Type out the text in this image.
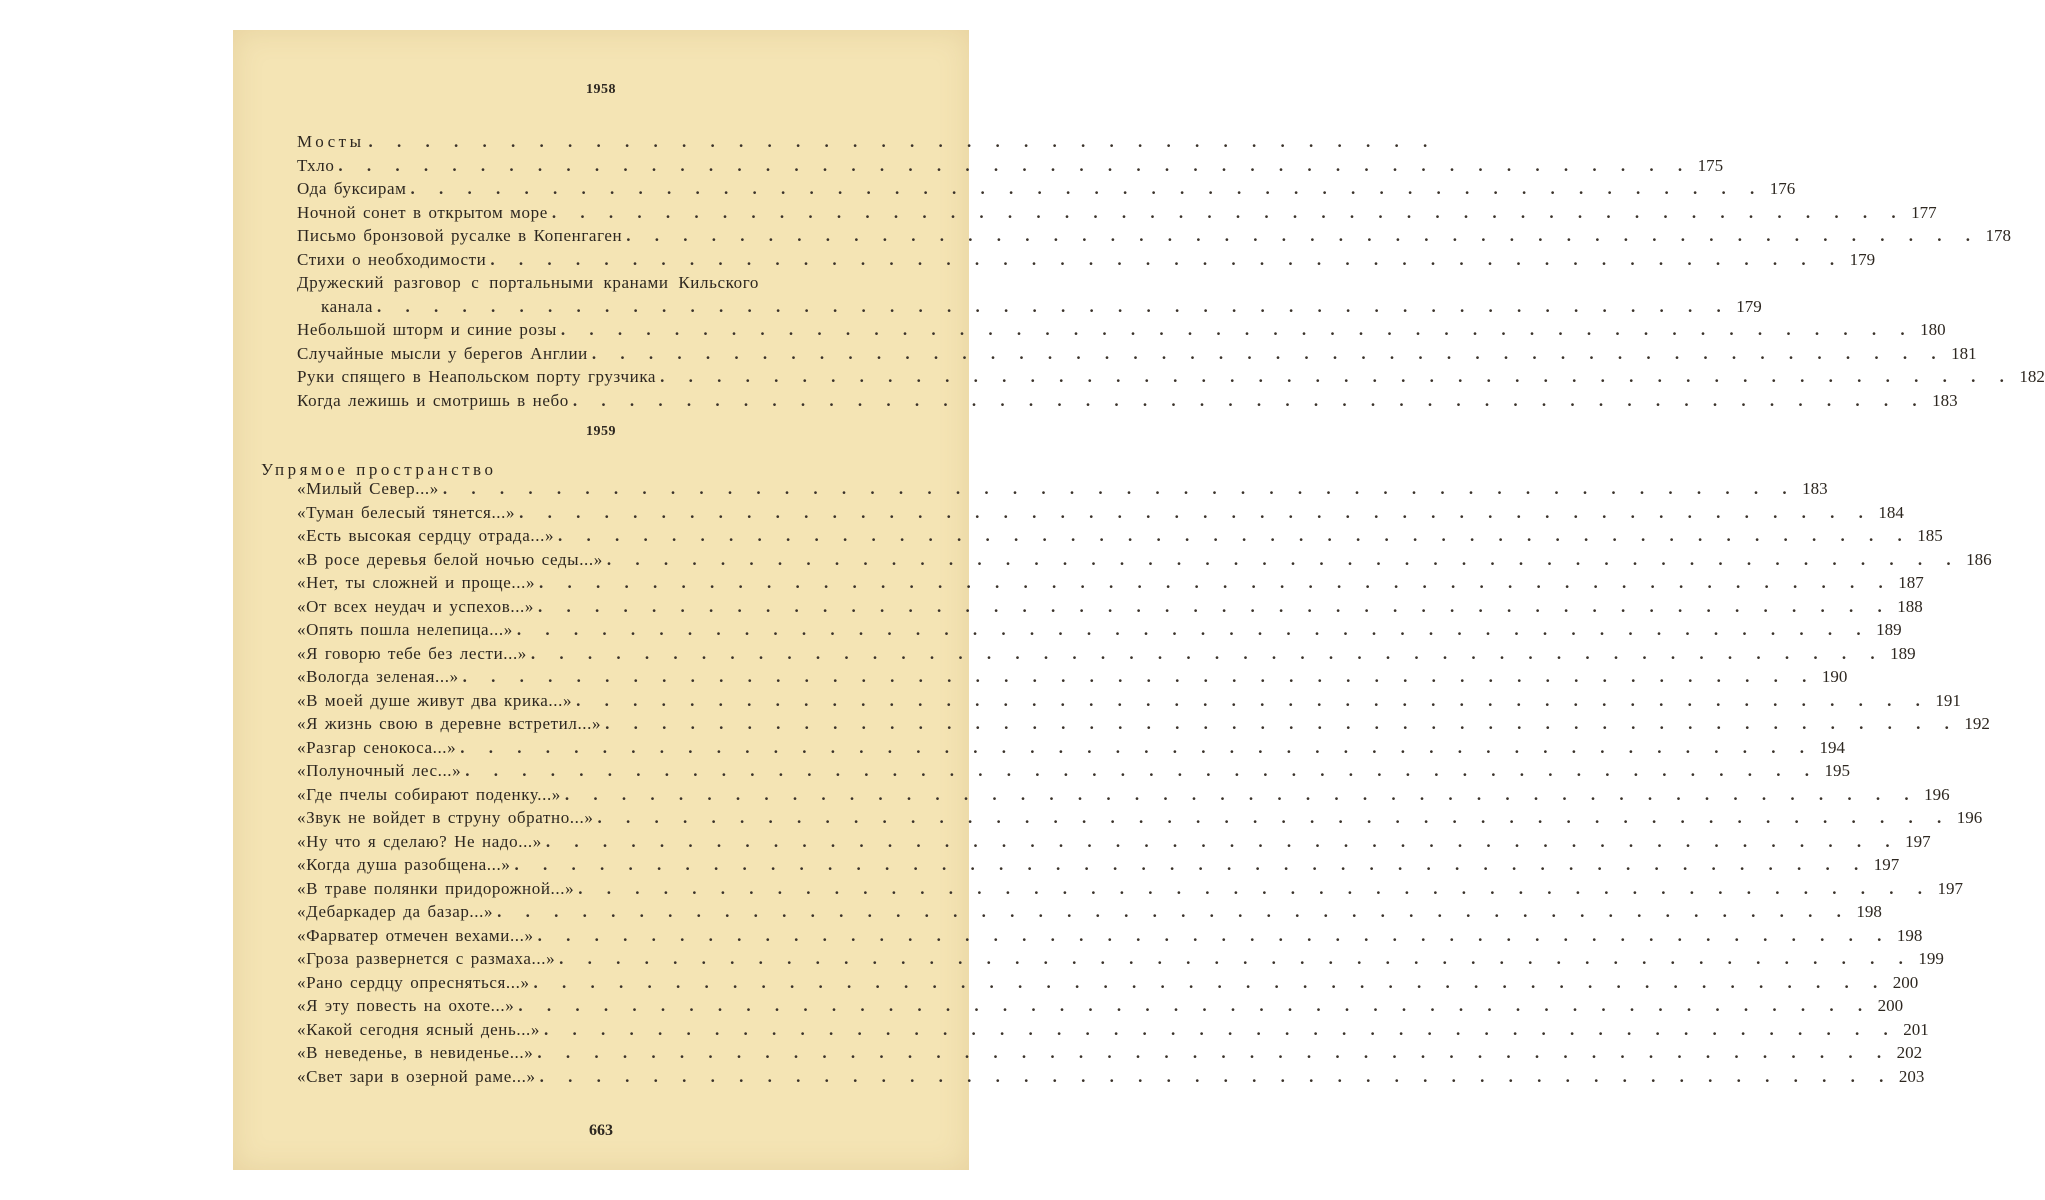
1958
Мосты . . . . . . . . . . . . . . . . . . . . . . . . . . . . . . . . . . . . . .
Тхло . . . . . . . . . . . . . . . . . . . . . . . . . . . . . . . . . . . . . . . . . . . . . . . . 175
Ода буксирам . . . . . . . . . . . . . . . . . . . . . . . . . . . . . . . . . . . . . . . . . . . . . . . . 176
Ночной сонет в открытом море . . . . . . . . . . . . . . . . . . . . . . . . . . . . . . . . . . . . . . . . . . . . . . . . 177
Письмо бронзовой русалке в Копенгаген . . . . . . . . . . . . . . . . . . . . . . . . . . . . . . . . . . . . . . . . . . . . . . . . 178
Стихи о необходимости . . . . . . . . . . . . . . . . . . . . . . . . . . . . . . . . . . . . . . . . . . . . . . . . 179
Дружеский разговор с портальными кранами Кильского
канала . . . . . . . . . . . . . . . . . . . . . . . . . . . . . . . . . . . . . . . . . . . . . . . . 179
Небольшой шторм и синие розы . . . . . . . . . . . . . . . . . . . . . . . . . . . . . . . . . . . . . . . . . . . . . . . . 180
Случайные мысли у берегов Англии . . . . . . . . . . . . . . . . . . . . . . . . . . . . . . . . . . . . . . . . . . . . . . . . 181
Руки спящего в Неапольском порту грузчика . . . . . . . . . . . . . . . . . . . . . . . . . . . . . . . . . . . . . . . . . . . . . . . . 182
Когда лежишь и смотришь в небо . . . . . . . . . . . . . . . . . . . . . . . . . . . . . . . . . . . . . . . . . . . . . . . . 183
1959
Упрямое пространство
«Милый Север...» . . . . . . . . . . . . . . . . . . . . . . . . . . . . . . . . . . . . . . . . . . . . . . . . 183
«Туман белесый тянется...» . . . . . . . . . . . . . . . . . . . . . . . . . . . . . . . . . . . . . . . . . . . . . . . . 184
«Есть высокая сердцу отрада...» . . . . . . . . . . . . . . . . . . . . . . . . . . . . . . . . . . . . . . . . . . . . . . . . 185
«В росе деревья белой ночью седы...» . . . . . . . . . . . . . . . . . . . . . . . . . . . . . . . . . . . . . . . . . . . . . . . . 186
«Нет, ты сложней и проще...» . . . . . . . . . . . . . . . . . . . . . . . . . . . . . . . . . . . . . . . . . . . . . . . . 187
«От всех неудач и успехов...» . . . . . . . . . . . . . . . . . . . . . . . . . . . . . . . . . . . . . . . . . . . . . . . . 188
«Опять пошла нелепица...» . . . . . . . . . . . . . . . . . . . . . . . . . . . . . . . . . . . . . . . . . . . . . . . . 189
«Я говорю тебе без лести...» . . . . . . . . . . . . . . . . . . . . . . . . . . . . . . . . . . . . . . . . . . . . . . . . 189
«Вологда зеленая...» . . . . . . . . . . . . . . . . . . . . . . . . . . . . . . . . . . . . . . . . . . . . . . . . 190
«В моей душе живут два крика...» . . . . . . . . . . . . . . . . . . . . . . . . . . . . . . . . . . . . . . . . . . . . . . . . 191
«Я жизнь свою в деревне встретил...» . . . . . . . . . . . . . . . . . . . . . . . . . . . . . . . . . . . . . . . . . . . . . . . . 192
«Разгар сенокоса...» . . . . . . . . . . . . . . . . . . . . . . . . . . . . . . . . . . . . . . . . . . . . . . . . 194
«Полуночный лес...» . . . . . . . . . . . . . . . . . . . . . . . . . . . . . . . . . . . . . . . . . . . . . . . . 195
«Где пчелы собирают поденку...» . . . . . . . . . . . . . . . . . . . . . . . . . . . . . . . . . . . . . . . . . . . . . . . . 196
«Звук не войдет в струну обратно...» . . . . . . . . . . . . . . . . . . . . . . . . . . . . . . . . . . . . . . . . . . . . . . . . 196
«Ну что я сделаю? Не надо...» . . . . . . . . . . . . . . . . . . . . . . . . . . . . . . . . . . . . . . . . . . . . . . . . 197
«Когда душа разобщена...» . . . . . . . . . . . . . . . . . . . . . . . . . . . . . . . . . . . . . . . . . . . . . . . . 197
«В траве полянки придорожной...» . . . . . . . . . . . . . . . . . . . . . . . . . . . . . . . . . . . . . . . . . . . . . . . . 197
«Дебаркадер да базар...» . . . . . . . . . . . . . . . . . . . . . . . . . . . . . . . . . . . . . . . . . . . . . . . . 198
«Фарватер отмечен вехами...» . . . . . . . . . . . . . . . . . . . . . . . . . . . . . . . . . . . . . . . . . . . . . . . . 198
«Гроза развернется с размаха...» . . . . . . . . . . . . . . . . . . . . . . . . . . . . . . . . . . . . . . . . . . . . . . . . 199
«Рано сердцу опресняться...» . . . . . . . . . . . . . . . . . . . . . . . . . . . . . . . . . . . . . . . . . . . . . . . . 200
«Я эту повесть на охоте...» . . . . . . . . . . . . . . . . . . . . . . . . . . . . . . . . . . . . . . . . . . . . . . . . 200
«Какой сегодня ясный день...» . . . . . . . . . . . . . . . . . . . . . . . . . . . . . . . . . . . . . . . . . . . . . . . . 201
«В неведенье, в невиденье...» . . . . . . . . . . . . . . . . . . . . . . . . . . . . . . . . . . . . . . . . . . . . . . . . 202
«Свет зари в озерной раме...» . . . . . . . . . . . . . . . . . . . . . . . . . . . . . . . . . . . . . . . . . . . . . . . . 203
663
